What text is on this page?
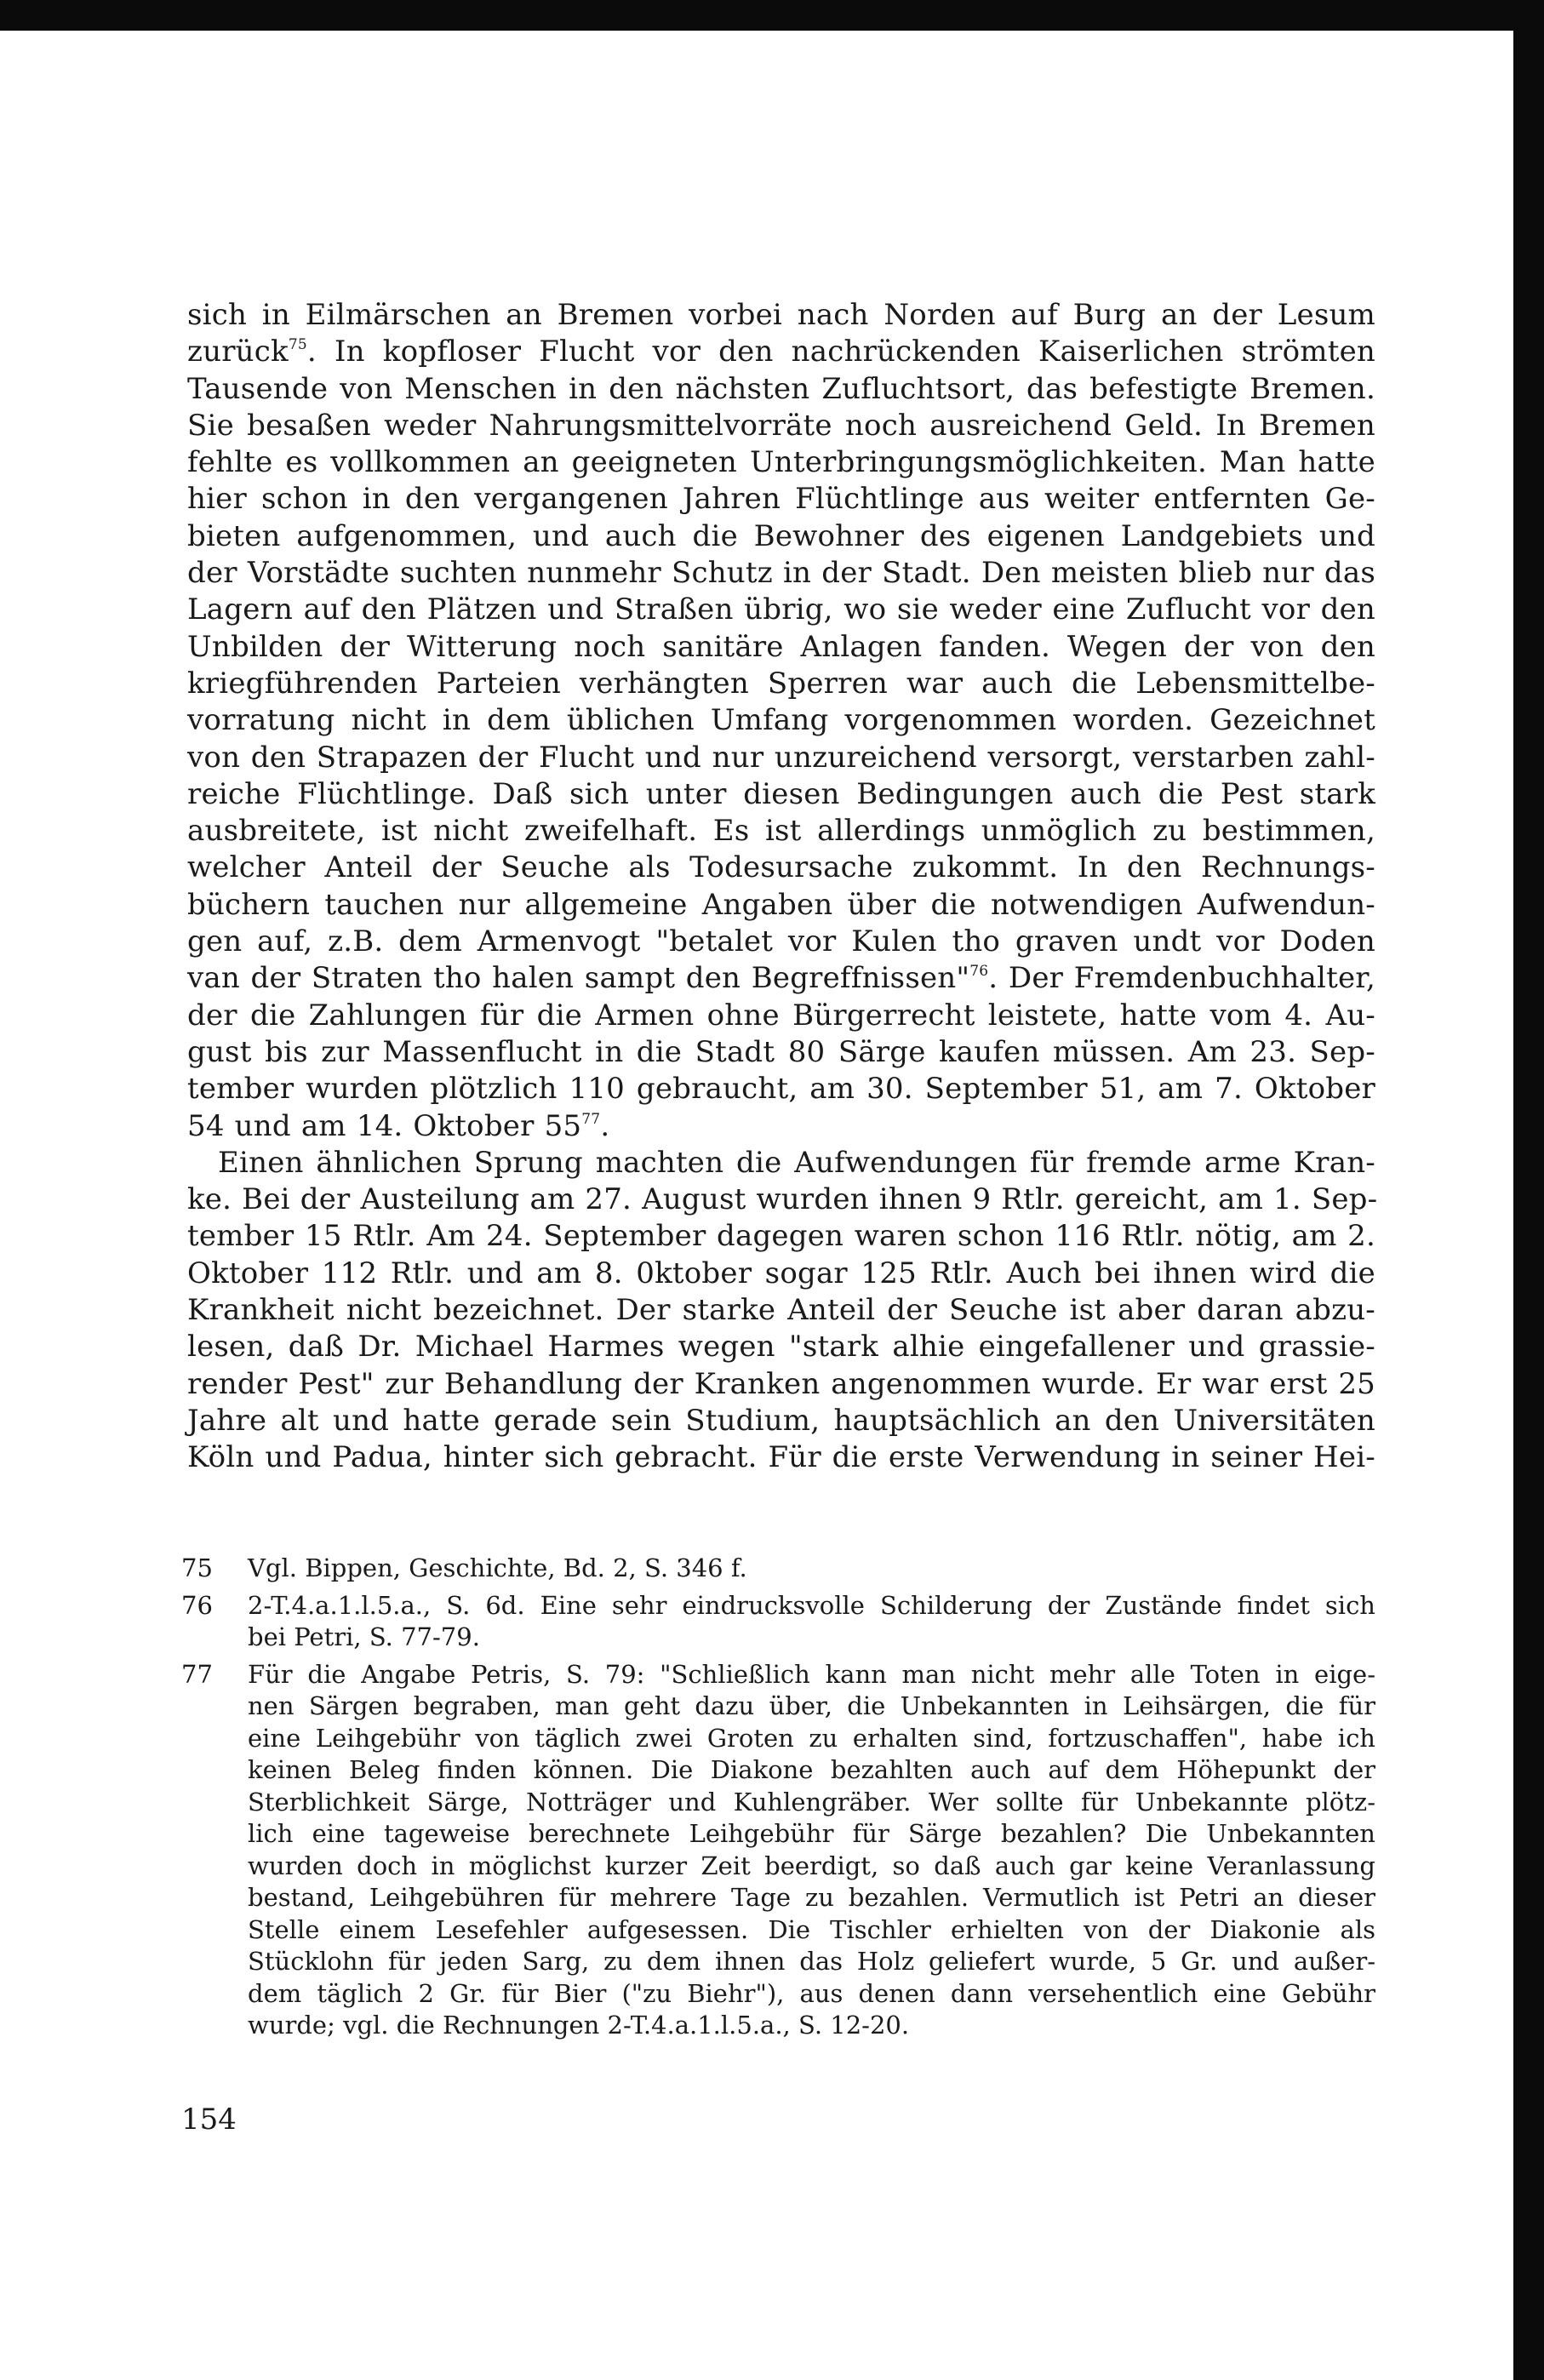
sich in Eilmärschen an Bremen vorbei nach Norden auf Burg an der Lesum
zurück$^{75}$. In kopfloser Flucht vor den nachrückenden Kaiserlichen strömten
Tausende von Menschen in den nächsten Zufluchtsort, das befestigte Bremen.
Sie besaßen weder Nahrungsmittelvorräte noch ausreichend Geld. In Bremen
fehlte es vollkommen an geeigneten Unterbringungsmöglichkeiten. Man hatte
hier schon in den vergangenen Jahren Flüchtlinge aus weiter entfernten Ge-
bieten aufgenommen, und auch die Bewohner des eigenen Landgebiets und
der Vorstädte suchten nunmehr Schutz in der Stadt. Den meisten blieb nur das
Lagern auf den Plätzen und Straßen übrig, wo sie weder eine Zuflucht vor den
Unbilden der Witterung noch sanitäre Anlagen fanden. Wegen der von den
kriegführenden Parteien verhängten Sperren war auch die Lebensmittelbe-
vorratung nicht in dem üblichen Umfang vorgenommen worden. Gezeichnet
von den Strapazen der Flucht und nur unzureichend versorgt, verstarben zahl-
reiche Flüchtlinge. Daß sich unter diesen Bedingungen auch die Pest stark
ausbreitete, ist nicht zweifelhaft. Es ist allerdings unmöglich zu bestimmen,
welcher Anteil der Seuche als Todesursache zukommt. In den Rechnungs-
büchern tauchen nur allgemeine Angaben über die notwendigen Aufwendun-
gen auf, z.B. dem Armenvogt "betalet vor Kulen tho graven undt vor Doden
van der Straten tho halen sampt den Begreffnissen"$^{76}$. Der Fremdenbuchhalter,
der die Zahlungen für die Armen ohne Bürgerrecht leistete, hatte vom 4. Au-
gust bis zur Massenflucht in die Stadt 80 Särge kaufen müssen. Am 23. Sep-
tember wurden plötzlich 110 gebraucht, am 30. September 51, am 7. Oktober
54 und am 14. Oktober $55^{77}$.
Einen ähnlichen Sprung machten die Aufwendungen für fremde arme Kran-
ke. Bei der Austeilung am 27. August wurden ihnen 9 Rtlr. gereicht, am 1. Sep-
tember 15 Rtlr. Am 24. September dagegen waren schon 116 Rtlr. nötig, am 2.
Oktober 112 Rtlr. und am 8. 0ktober sogar 125 Rtlr. Auch bei ihnen wird die
Krankheit nicht bezeichnet. Der starke Anteil der Seuche ist aber daran abzu-
lesen, daß Dr. Michael Harmes wegen "stark alhie eingefallener und grassie-
render Pest" zur Behandlung der Kranken angenommen wurde. Er war erst 25
Jahre alt und hatte gerade sein Studium, hauptsächlich an den Universitäten
Köln und Padua, hinter sich gebracht. Für die erste Verwendung in seiner Hei-
75 Vgl. Bippen, Geschichte, Bd. 2, S. 346 f.
76 2-T.4.a.1.l.5.a., S. 6d. Eine sehr eindrucksvolle Schilderung der Zustände findet sich
bei Petri, S. 77-79.
77 Für die Angabe Petris, S. 79: "Schließlich kann man nicht mehr alle Toten in eige-
nen Särgen begraben, man geht dazu über, die Unbekannten in Leihsärgen, die für
eine Leihgebühr von täglich zwei Groten zu erhalten sind, fortzuschaffen", habe ich
keinen Beleg finden können. Die Diakone bezahlten auch auf dem Höhepunkt der
Sterblichkeit Särge, Notträger und Kuhlengräber. Wer sollte für Unbekannte plötz-
lich eine tageweise berechnete Leihgebühr für Särge bezahlen? Die Unbekannten
wurden doch in möglichst kurzer Zeit beerdigt, so daß auch gar keine Veranlassung
bestand, Leihgebühren für mehrere Tage zu bezahlen. Vermutlich ist Petri an dieser
Stelle einem Lesefehler aufgesessen. Die Tischler erhielten von der Diakonie als
Stücklohn für jeden Sarg, zu dem ihnen das Holz geliefert wurde, 5 Gr. und außer-
dem täglich 2 Gr. für Bier ("zu Biehr"), aus denen dann versehentlich eine Gebühr
wurde; vgl. die Rechnungen 2-T.4.a.1.l.5.a., S. 12-20.
154
